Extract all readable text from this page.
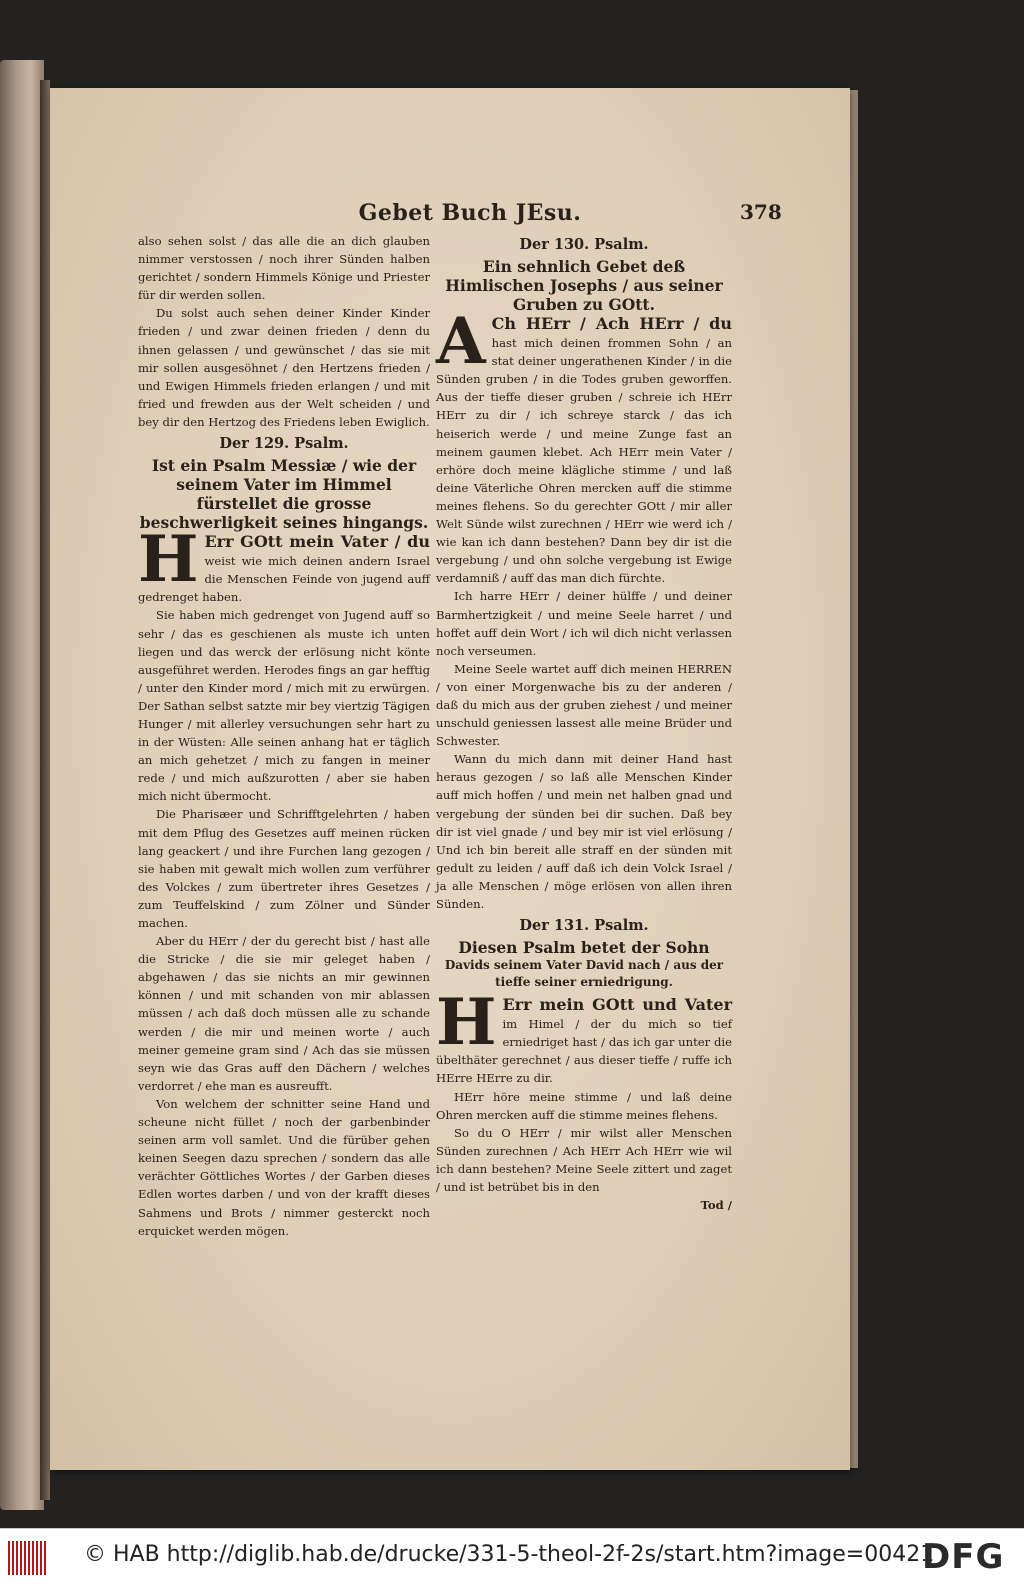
Gebet Buch JEsu.	378

also sehen solst / das alle die an dich glauben nimmer verstossen / noch ihrer Sünden halben gerichtet / sondern Himmels Könige und Priester für dir werden sollen.

Du solst auch sehen deiner Kinder Kinder frieden / und zwar deinen frieden / denn du ihnen gelassen / und gewünschet / das sie mit mir sollen ausgesöhnet / den Hertzens frieden / und Ewigen Himmels frieden erlangen / und mit fried und frewden aus der Welt scheiden / und bey dir den Hertzog des Friedens leben Ewiglich.

Der 129. Psalm.

Ist ein Psalm Messiæ / wie der seinem Vater im Himmel fürstellet die grosse beschwerligkeit seines hingangs.

H Err GOtt mein Vater / du weist wie mich deinen andern Israel die Menschen Feinde von jugend auff gedrenget haben.

Sie haben mich gedrenget von Jugend auff so sehr / das es geschienen als muste ich unten liegen und das werck der erlösung nicht könte ausgeführet werden. Herodes fings an gar hefftig / unter den Kinder mord / mich mit zu erwürgen. Der Sathan selbst satzte mir bey viertzig Tägigen Hunger / mit allerley versuchungen sehr hart zu in der Wüsten: Alle seinen anhang hat er täglich an mich gehetzet / mich zu fangen in meiner rede / und mich außzurotten / aber sie haben mich nicht übermocht.

Die Pharisæer und Schrifftgelehrten / haben mit dem Pflug des Gesetzes auff meinen rücken lang geackert / und ihre Furchen lang gezogen / sie haben mit gewalt mich wollen zum verführer des Volckes / zum übertreter ihres Gesetzes / zum Teuffelskind / zum Zölner und Sünder machen.

Aber du HErr / der du gerecht bist / hast alle die Stricke / die sie mir geleget haben / abgehawen / das sie nichts an mir gewinnen können / und mit schanden von mir ablassen müssen / ach daß doch müssen alle zu schande werden / die mir und meinen worte / auch meiner gemeine gram sind / Ach das sie müssen seyn wie das Gras auff den Dächern / welches verdorret / ehe man es ausreufft.

Von welchem der schnitter seine Hand und scheune nicht füllet / noch der garbenbinder seinen arm voll samlet. Und die fürüber gehen keinen Seegen dazu sprechen / sondern das alle verächter Göttliches Wortes / der Garben dieses Edlen wortes darben / und von der krafft dieses Sahmens und Brots / nimmer gesterckt noch erquicket werden mögen.

Der 130. Psalm.

Ein sehnlich Gebet deß Himlischen Josephs / aus seiner Gruben zu GOtt.

A Ch HErr / Ach HErr / du hast mich deinen frommen Sohn / an stat deiner ungerathenen Kinder / in die Sünden gruben / in die Todes gruben geworffen. Aus der tieffe dieser gruben / schreie ich HErr HErr zu dir / ich schreye starck / das ich heiserich werde / und meine Zunge fast an meinem gaumen klebet. Ach HErr mein Vater / erhöre doch meine klägliche stimme / und laß deine Väterliche Ohren mercken auff die stimme meines flehens. So du gerechter GOtt / mir aller Welt Sünde wilst zurechnen / HErr wie werd ich / wie kan ich dann bestehen? Dann bey dir ist die vergebung / und ohn solche vergebung ist Ewige verdamniß / auff das man dich fürchte.

Ich harre HErr / deiner hülffe / und deiner Barmhertzigkeit / und meine Seele harret / und hoffet auff dein Wort / ich wil dich nicht verlassen noch verseumen.

Meine Seele wartet auff dich meinen HERREN / von einer Morgenwache bis zu der anderen / daß du mich aus der gruben ziehest / und meiner unschuld geniessen lassest alle meine Brüder und Schwester.

Wann du mich dann mit deiner Hand hast heraus gezogen / so laß alle Menschen Kinder auff mich hoffen / und mein net halben gnad und vergebung der sünden bei dir suchen. Daß bey dir ist viel gnade / und bey mir ist viel erlösung / Und ich bin bereit alle straff en der sünden mit gedult zu leiden / auff daß ich dein Volck Israel / ja alle Menschen / möge erlösen von allen ihren Sünden.

Der 131. Psalm.

Diesen Psalm betet der Sohn

Davids seinem Vater David nach / aus der tieffe seiner erniedrigung.

H Err mein GOtt und Vater im Himel / der du mich so tief erniedriget hast / das ich gar unter die übelthäter gerechnet / aus dieser tieffe / ruffe ich HErre HErre zu dir.

HErr höre meine stimme / und laß deine Ohren mercken auff die stimme meines flehens.

So du O HErr / mir wilst aller Menschen Sünden zurechnen / Ach HErr Ach HErr wie wil ich dann bestehen? Meine Seele zittert und zaget / und ist betrübet bis in den

Tod /

© HAB http://diglib.hab.de/drucke/331-5-theol-2f-2s/start.htm?image=00421
DFG
